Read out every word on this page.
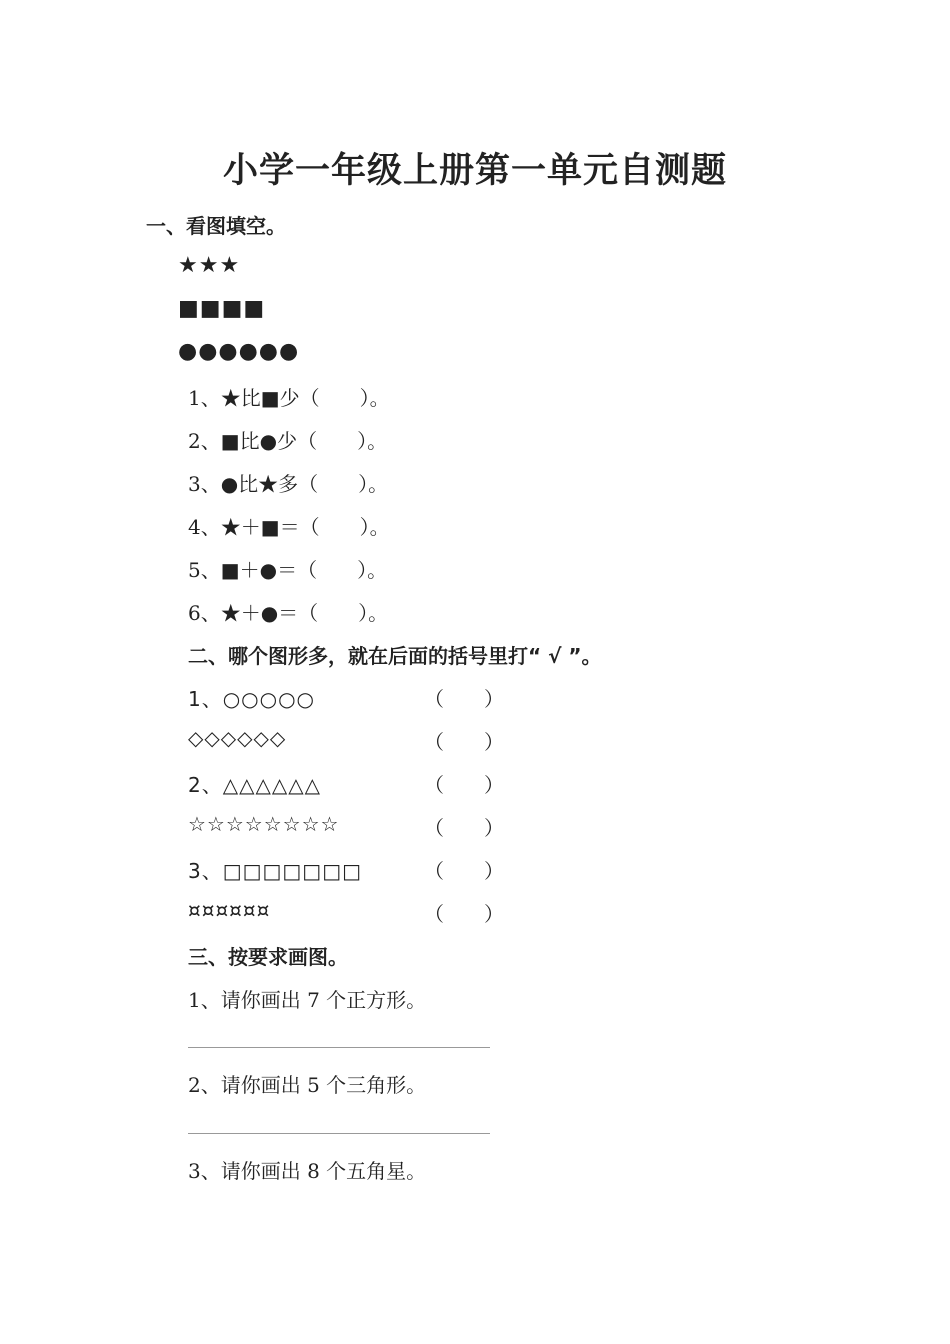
小学一年级上册第一单元自测题
一、看图填空。
★★★
■■■■
●●●●●●
1、★比■少（　　）。
2、■比●少（　　）。
3、●比★多（　　）。
4、★＋■＝（　　）。
5、■＋●＝（　　）。
6、★＋●＝（　　）。
二、哪个图形多，就在后面的括号里打“ √ ”。
1、○○○○○	（　　）
◇◇◇◇◇◇	（　　）
2、△△△△△△	（　　）
☆☆☆☆☆☆☆☆	（　　）
3、□□□□□□□	（　　）
¤¤¤¤¤¤	（　　）
三、按要求画图。
1、请你画出 7 个正方形。
2、请你画出 5 个三角形。
3、请你画出 8 个五角星。
